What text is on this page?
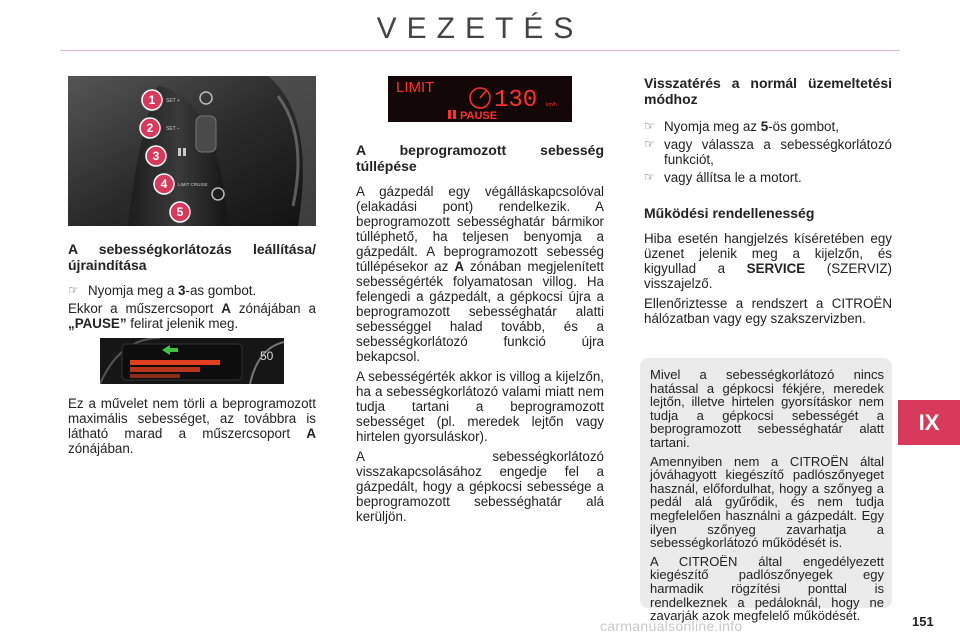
VEZETÉS
SET +
SET −
LIMIT CRUISE
1
2
3
4
5
LIMIT 130 km/h
PAUSE
50
A sebességkorlátozás leállítása/újraindítása
☞ Nyomja meg a 3-as gombot.

Ekkor a műszercsoport A zónájában a „PAUSE” felirat jelenik meg.

Ez a művelet nem törli a beprogramozott maximális sebességet, az továbbra is látható marad a műszercsoport A zónájában.

A beprogramozott sebesség túllépése

A gázpedál egy végálláskapcsolóval (elakadási pont) rendelkezik. A beprogramozott sebességhatár bármikor túlléphető, ha teljesen benyomja a gázpedált. A beprogramozott sebesség túllépésekor az A zónában megjelenített sebességérték folyamatosan villog. Ha felengedi a gázpedált, a gépkocsi újra a beprogramozott sebességhatár alatti sebességgel halad tovább, és a sebességkorlátozó funkció újra bekapcsol.

A sebességérték akkor is villog a kijelzőn, ha a sebességkorlátozó valami miatt nem tudja tartani a beprogramozott sebességet (pl. meredek lejtőn vagy hirtelen gyorsuláskor).

A sebességkorlátozó visszakapcsolásához engedje fel a gázpedált, hogy a gépkocsi sebessége a beprogramozott sebességhatár alá kerüljön.

Visszatérés a normál üzemeltetési módhoz
☞ Nyomja meg az 5-ös gombot,
☞ vagy válassza a sebességkorlátozó funkciót,
☞ vagy állítsa le a motort.
Működési rendellenesség

Hiba esetén hangjelzés kíséretében egy üzenet jelenik meg a kijelzőn, és kigyullad a SERVICE (SZERVIZ) visszajelző.

Ellenőriztesse a rendszert a CITROËN hálózatban vagy egy szakszervizben.

Mivel a sebességkorlátozó nincs hatással a gépkocsi fékjére, meredek lejtőn, illetve hirtelen gyorsításkor nem tudja a gépkocsi sebességét a beprogramozott sebességhatár alatt tartani.

Amennyiben nem a CITROËN által jóváhagyott kiegészítő padlószőnyeget használ, előfordulhat, hogy a szőnyeg a pedál alá gyűrődik, és nem tudja megfelelően használni a gázpedált. Egy ilyen szőnyeg zavarhatja a sebességkorlátozó működését is.

A CITROËN által engedélyezett kiegészítő padlószőnyegek egy harmadik rögzítési ponttal is rendelkeznek a pedáloknál, hogy ne zavarják azok megfelelő működését.

IX
carmanualsonline.info	151
